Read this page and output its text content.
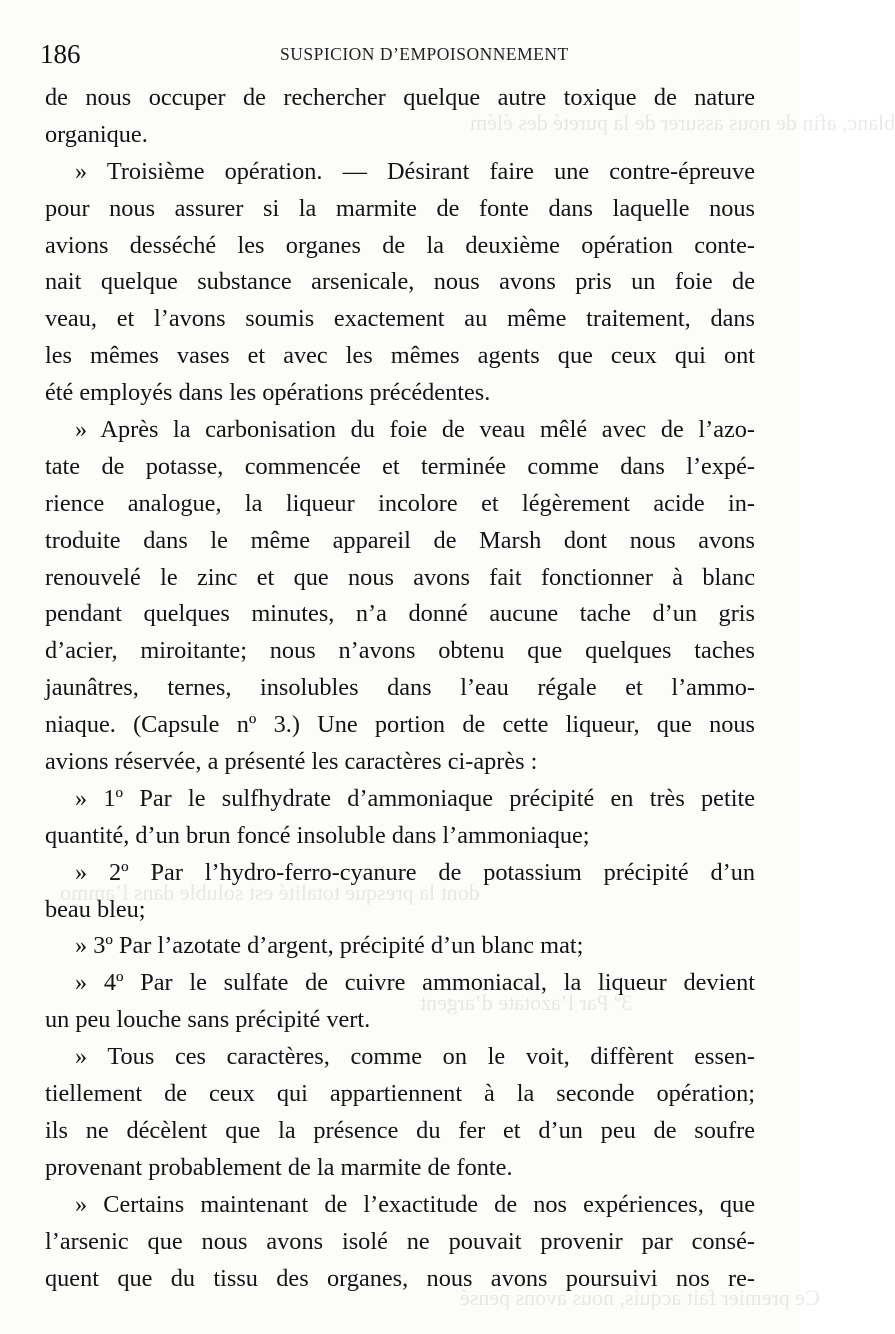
blanc, afin de nous assurer de la pureté des élém
dont la presque totalité est soluble dans l’ammo
3º Par l’azotate d’argent
Ce premier fait acquis, nous avons pensé
186	SUSPICION D’EMPOISONNEMENT
de nous occuper de rechercher quelque autre toxique de nature
organique.
» Troisième opération. — Désirant faire une contre-épreuve
pour nous assurer si la marmite de fonte dans laquelle nous
avions desséché les organes de la deuxième opération conte-
nait quelque substance arsenicale, nous avons pris un foie de
veau, et l’avons soumis exactement au même traitement, dans
les mêmes vases et avec les mêmes agents que ceux qui ont
été employés dans les opérations précédentes.
» Après la carbonisation du foie de veau mêlé avec de l’azo-
tate de potasse, commencée et terminée comme dans l’expé-
rience analogue, la liqueur incolore et légèrement acide in-
troduite dans le même appareil de Marsh dont nous avons
renouvelé le zinc et que nous avons fait fonctionner à blanc
pendant quelques minutes, n’a donné aucune tache d’un gris
d’acier, miroitante; nous n’avons obtenu que quelques taches
jaunâtres, ternes, insolubles dans l’eau régale et l’ammo-
niaque. (Capsule nº 3.) Une portion de cette liqueur, que nous
avions réservée, a présenté les caractères ci-après :
» 1º Par le sulfhydrate d’ammoniaque précipité en très petite
quantité, d’un brun foncé insoluble dans l’ammoniaque;
» 2º Par l’hydro-ferro-cyanure de potassium précipité d’un
beau bleu;
» 3º Par l’azotate d’argent, précipité d’un blanc mat;
» 4º Par le sulfate de cuivre ammoniacal, la liqueur devient
un peu louche sans précipité vert.
» Tous ces caractères, comme on le voit, diffèrent essen-
tiellement de ceux qui appartiennent à la seconde opération;
ils ne décèlent que la présence du fer et d’un peu de soufre
provenant probablement de la marmite de fonte.
» Certains maintenant de l’exactitude de nos expériences, que
l’arsenic que nous avons isolé ne pouvait provenir par consé-
quent que du tissu des organes, nous avons poursuivi nos re-
